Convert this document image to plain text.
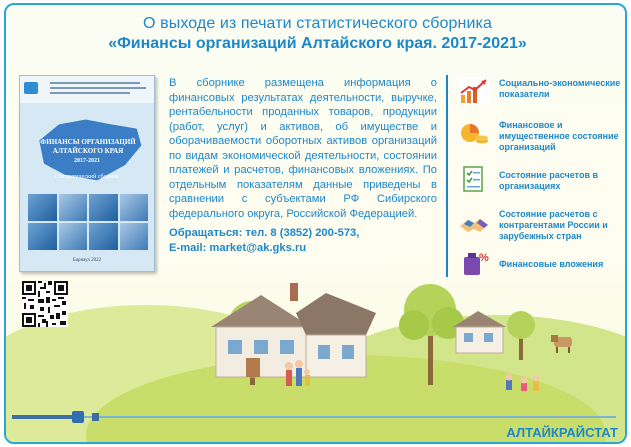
О выходе из печати статистического сборника
«Финансы организаций Алтайского края. 2017-2021»
ФИНАНСЫ ОРГАНИЗАЦИЙ АЛТАЙСКОГО КРАЯ
2017-2021
Статистический сборник
Барнаул 2022
В сборнике размещена информация о финансовых результатах деятельности, выручке, рентабельности проданных товаров, продукции (работ, услуг) и активов, об имуществе и оборачиваемости оборотных активов организаций по видам экономической деятельности, состоянии платежей и расчетов, финансовых вложениях. По отдельным показателям данные приведены в сравнении с субъектами РФ Сибирского федерального округа, Российской Федерацией.
Обращаться: тел. 8 (3852) 200-573,
E-mail: market@ak.gks.ru
Социально-экономические показатели
Финансовое и имущественное состояние организаций
Состояние расчетов в организациях
Состояние расчетов с контрагентами России и зарубежных стран
% Финансовые вложения
АЛТАЙКРАЙСТАТ
